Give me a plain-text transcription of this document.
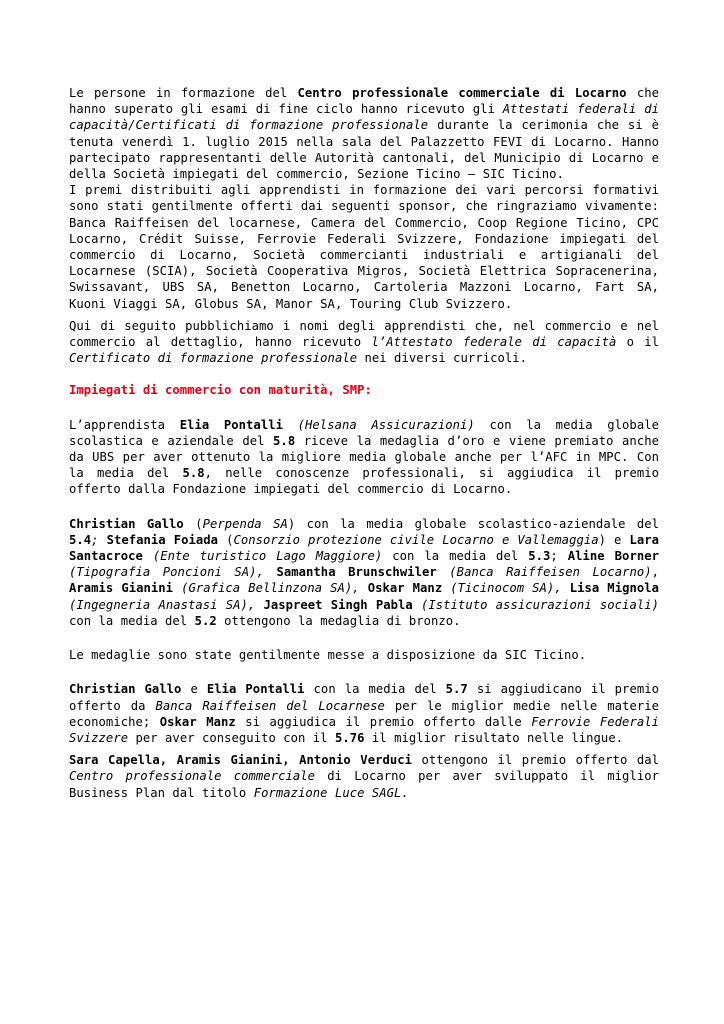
Le persone in formazione del Centro professionale commerciale di Locarno che hanno superato gli esami di fine ciclo hanno ricevuto gli Attestati federali di capacità/Certificati di formazione professionale durante la cerimonia che si è tenuta venerdì 1. luglio 2015 nella sala del Palazzetto FEVI di Locarno. Hanno partecipato rappresentanti delle Autorità cantonali, del Municipio di Locarno e della Società impiegati del commercio, Sezione Ticino – SIC Ticino.

I premi distribuiti agli apprendisti in formazione dei vari percorsi formativi sono stati gentilmente offerti dai seguenti sponsor, che ringraziamo vivamente: Banca Raiffeisen del locarnese, Camera del Commercio, Coop Regione Ticino, CPC Locarno, Crédit Suisse, Ferrovie Federali Svizzere, Fondazione impiegati del commercio di Locarno, Società commercianti industriali e artigianali del Locarnese (SCIA), Società Cooperativa Migros, Società Elettrica Sopracenerina, Swissavant, UBS SA, Benetton Locarno, Cartoleria Mazzoni Locarno, Fart SA, Kuoni Viaggi SA, Globus SA, Manor SA, Touring Club Svizzero.

Qui di seguito pubblichiamo i nomi degli apprendisti che, nel commercio e nel commercio al dettaglio, hanno ricevuto l’Attestato federale di capacità o il Certificato di formazione professionale nei diversi curricoli.

Impiegati di commercio con maturità, SMP:

L’apprendista Elia Pontalli (Helsana Assicurazioni) con la media globale scolastica e aziendale del 5.8 riceve la medaglia d’oro e viene premiato anche da UBS per aver ottenuto la migliore media globale anche per l’AFC in MPC. Con la media del 5.8, nelle conoscenze professionali, si aggiudica il premio offerto dalla Fondazione impiegati del commercio di Locarno.

Christian Gallo (Perpenda SA) con la media globale scolastico-aziendale del 5.4; Stefania Foiada (Consorzio protezione civile Locarno e Vallemaggia) e Lara Santacroce (Ente turistico Lago Maggiore) con la media del 5.3; Aline Borner (Tipografia Poncioni SA), Samantha Brunschwiler (Banca Raiffeisen Locarno), Aramis Gianini (Grafica Bellinzona SA), Oskar Manz (Ticinocom SA), Lisa Mignola (Ingegneria Anastasi SA), Jaspreet Singh Pabla (Istituto assicurazioni sociali) con la media del 5.2 ottengono la medaglia di bronzo.

Le medaglie sono state gentilmente messe a disposizione da SIC Ticino.

Christian Gallo e Elia Pontalli con la media del 5.7 si aggiudicano il premio offerto da Banca Raiffeisen del Locarnese per le miglior medie nelle materie economiche; Oskar Manz si aggiudica il premio offerto dalle Ferrovie Federali Svizzere per aver conseguito con il 5.76 il miglior risultato nelle lingue.

Sara Capella, Aramis Gianini, Antonio Verduci ottengono il premio offerto dal Centro professionale commerciale di Locarno per aver sviluppato il miglior Business Plan dal titolo Formazione Luce SAGL.
